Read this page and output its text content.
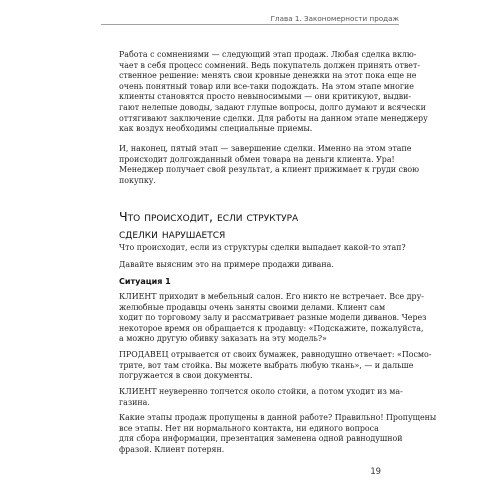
Глава 1. Закономерности продаж
Работа с сомнениями — следующий этап продаж. Любая сделка вклю-
чает в себя процесс сомнений. Ведь покупатель должен принять ответ-
ственное решение: менять свои кровные денежки на этот пока еще не
очень понятный товар или все-таки подождать. На этом этапе многие
клиенты становятся просто невыносимыми — они критикуют, выдви-
гают нелепые доводы, задают глупые вопросы, долго думают и всячески
оттягивают заключение сделки. Для работы на данном этапе менеджеру
как воздух необходимы специальные приемы.
И, наконец, пятый этап — завершение сделки. Именно на этом этапе
происходит долгожданный обмен товара на деньги клиента. Ура!
Менеджер получает свой результат, а клиент прижимает к груди свою
покупку.
Что происходит, если структура
сделки нарушается
Что происходит, если из структуры сделки выпадает какой-то этап?
Давайте выясним это на примере продажи дивана.
Ситуация 1
КЛИЕНТ приходит в мебельный салон. Его никто не встречает. Все дру-
желюбные продавцы очень заняты своими делами. Клиент сам
ходит по торговому залу и рассматривает разные модели диванов. Через
некоторое время он обращается к продавцу: «Подскажите, пожалуйста,
а можно другую обивку заказать на эту модель?»
ПРОДАВЕЦ отрывается от своих бумажек, равнодушно отвечает: «Посмо-
трите, вот там стойка. Вы можете выбрать любую ткань», — и дальше
погружается в свои документы.
КЛИЕНТ неуверенно топчется около стойки, а потом уходит из ма-
газина.
Какие этапы продаж пропущены в данной работе? Правильно! Пропущены
все этапы. Нет ни нормального контакта, ни единого вопроса
для сбора информации, презентация заменена одной равнодушной
фразой. Клиент потерян.
19
